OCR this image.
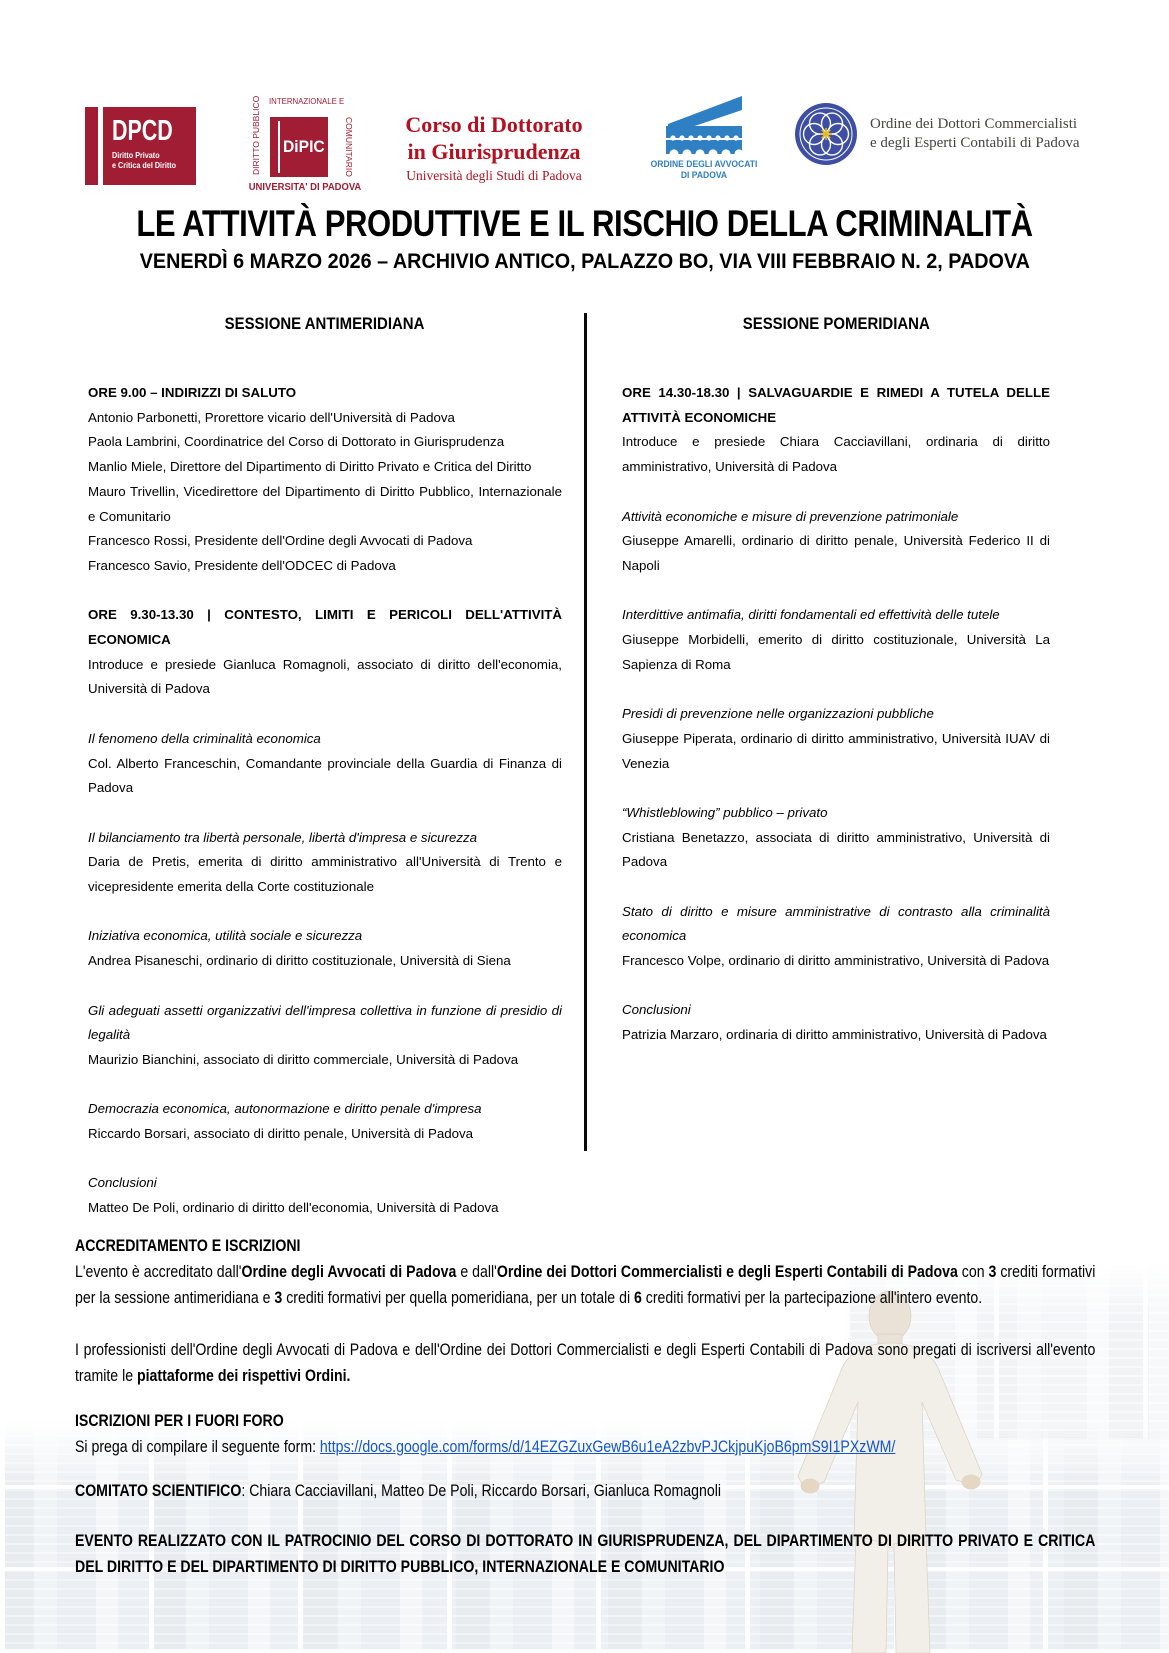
DPCD
Diritto Privato
e Critica del Diritto
INTERNAZIONALE E
DIRITTO PUBBLICO	COMUNITARIO
DiPIC
UNIVERSITA' DI PADOVA
Corso di Dottorato
in Giurisprudenza
Università degli Studi di Padova
ORDINE DEGLI AVVOCATI
DI PADOVA
Ordine dei Dottori Commercialisti
e degli Esperti Contabili di Padova
LE ATTIVITÀ PRODUTTIVE E IL RISCHIO DELLA CRIMINALITÀ
VENERDÌ 6 MARZO 2026 – ARCHIVIO ANTICO, PALAZZO BO, VIA VIII FEBBRAIO N. 2, PADOVA
SESSIONE ANTIMERIDIANA	SESSIONE POMERIDIANA
ORE 9.00 – INDIRIZZI DI SALUTO
Antonio Parbonetti, Prorettore vicario dell'Università di Padova
Paola Lambrini, Coordinatrice del Corso di Dottorato in Giurisprudenza
Manlio Miele, Direttore del Dipartimento di Diritto Privato e Critica del Diritto
Mauro Trivellin, Vicedirettore del Dipartimento di Diritto Pubblico, Internazionale e Comunitario
Francesco Rossi, Presidente dell'Ordine degli Avvocati di Padova
Francesco Savio, Presidente dell'ODCEC di Padova
ORE 9.30-13.30 | CONTESTO, LIMITI E PERICOLI DELL'ATTIVITÀ ECONOMICA
Introduce e presiede Gianluca Romagnoli, associato di diritto dell'economia, Università di Padova
Il fenomeno della criminalità economica
Col. Alberto Franceschin, Comandante provinciale della Guardia di Finanza di Padova
Il bilanciamento tra libertà personale, libertà d'impresa e sicurezza
Daria de Pretis, emerita di diritto amministrativo all'Università di Trento e vicepresidente emerita della Corte costituzionale
Iniziativa economica, utilità sociale e sicurezza
Andrea Pisaneschi, ordinario di diritto costituzionale, Università di Siena
Gli adeguati assetti organizzativi dell'impresa collettiva in funzione di presidio di legalità
Maurizio Bianchini, associato di diritto commerciale, Università di Padova
Democrazia economica, autonormazione e diritto penale d'impresa
Riccardo Borsari, associato di diritto penale, Università di Padova
Conclusioni
Matteo De Poli, ordinario di diritto dell'economia, Università di Padova
ORE 14.30-18.30 | SALVAGUARDIE E RIMEDI A TUTELA DELLE ATTIVITÀ ECONOMICHE
Introduce e presiede Chiara Cacciavillani, ordinaria di diritto amministrativo, Università di Padova
Attività economiche e misure di prevenzione patrimoniale
Giuseppe Amarelli, ordinario di diritto penale, Università Federico II di Napoli
Interdittive antimafia, diritti fondamentali ed effettività delle tutele
Giuseppe Morbidelli, emerito di diritto costituzionale, Università La Sapienza di Roma
Presidi di prevenzione nelle organizzazioni pubbliche
Giuseppe Piperata, ordinario di diritto amministrativo, Università IUAV di Venezia
“Whistleblowing” pubblico – privato
Cristiana Benetazzo, associata di diritto amministrativo, Università di Padova
Stato di diritto e misure amministrative di contrasto alla criminalità economica
Francesco Volpe, ordinario di diritto amministrativo, Università di Padova
Conclusioni
Patrizia Marzaro, ordinaria di diritto amministrativo, Università di Padova
ACCREDITAMENTO E ISCRIZIONI

L'evento è accreditato dall'Ordine degli Avvocati di Padova e dall'Ordine dei Dottori Commercialisti e degli Esperti Contabili di Padova con 3 crediti formativi per la sessione antimeridiana e 3 crediti formativi per quella pomeridiana, per un totale di 6 crediti formativi per la partecipazione all'intero evento.

I professionisti dell'Ordine degli Avvocati di Padova e dell'Ordine dei Dottori Commercialisti e degli Esperti Contabili di Padova sono pregati di iscriversi all'evento tramite le piattaforme dei rispettivi Ordini.

ISCRIZIONI PER I FUORI FORO

Si prega di compilare il seguente form: https://docs.google.com/forms/d/14EZGZuxGewB6u1eA2zbvPJCkjpuKjoB6pmS9I1PXzWM/

COMITATO SCIENTIFICO: Chiara Cacciavillani, Matteo De Poli, Riccardo Borsari, Gianluca Romagnoli

EVENTO REALIZZATO CON IL PATROCINIO DEL CORSO DI DOTTORATO IN GIURISPRUDENZA, DEL DIPARTIMENTO DI DIRITTO PRIVATO E CRITICA DEL DIRITTO E DEL DIPARTIMENTO DI DIRITTO PUBBLICO, INTERNAZIONALE E COMUNITARIO
